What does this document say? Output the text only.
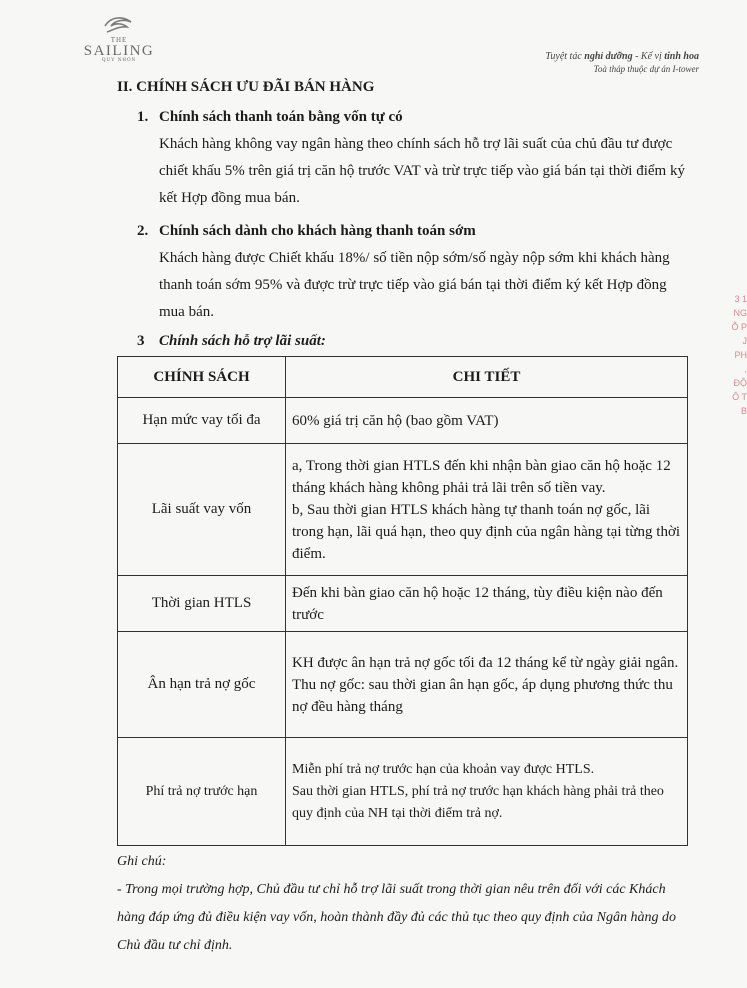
THE
SAILING
QUY NHON	Tuyệt tác nghỉ dưỡng - Kế vị tinh hoa
Toà tháp thuộc dự án I-tower
3 1
NG
Ỗ P
J PH
, ĐỘ
Ô T
B
II. CHÍNH SÁCH ƯU ĐÃI BÁN HÀNG
1. Chính sách thanh toán bằng vốn tự có
Khách hàng không vay ngân hàng theo chính sách hỗ trợ lãi suất của chủ đầu tư được chiết khấu 5% trên giá trị căn hộ trước VAT và trừ trực tiếp vào giá bán tại thời điểm ký kết Hợp đồng mua bán.
2. Chính sách dành cho khách hàng thanh toán sớm
Khách hàng được Chiết khấu 18%/ số tiền nộp sớm/số ngày nộp sớm khi khách hàng thanh toán sớm 95% và được trừ trực tiếp vào giá bán tại thời điểm ký kết Hợp đồng mua bán.
3 Chính sách hỗ trợ lãi suất:
CHÍNH SÁCH	CHI TIẾT
Hạn mức vay tối đa	60% giá trị căn hộ (bao gồm VAT)

Lãi suất vay vốn	a, Trong thời gian HTLS đến khi nhận bàn giao căn hộ hoặc 12 tháng khách hàng không phải trả lãi trên số tiền vay.
b, Sau thời gian HTLS khách hàng tự thanh toán nợ gốc, lãi trong hạn, lãi quá hạn, theo quy định của ngân hàng tại từng thời điểm.

Thời gian HTLS	Đến khi bàn giao căn hộ hoặc 12 tháng, tùy điều kiện nào đến trước

Ân hạn trả nợ gốc	KH được ân hạn trả nợ gốc tối đa 12 tháng kể từ ngày giải ngân.
Thu nợ gốc: sau thời gian ân hạn gốc, áp dụng phương thức thu nợ đều hàng tháng

Phí trả nợ trước hạn	Miễn phí trả nợ trước hạn của khoản vay được HTLS.
Sau thời gian HTLS, phí trả nợ trước hạn khách hàng phải trả theo quy định của NH tại thời điểm trả nợ.
Ghi chú:
- Trong mọi trường hợp, Chủ đầu tư chỉ hỗ trợ lãi suất trong thời gian nêu trên đối với các Khách hàng đáp ứng đủ điều kiện vay vốn, hoàn thành đầy đủ các thủ tục theo quy định của Ngân hàng do Chủ đầu tư chỉ định.
